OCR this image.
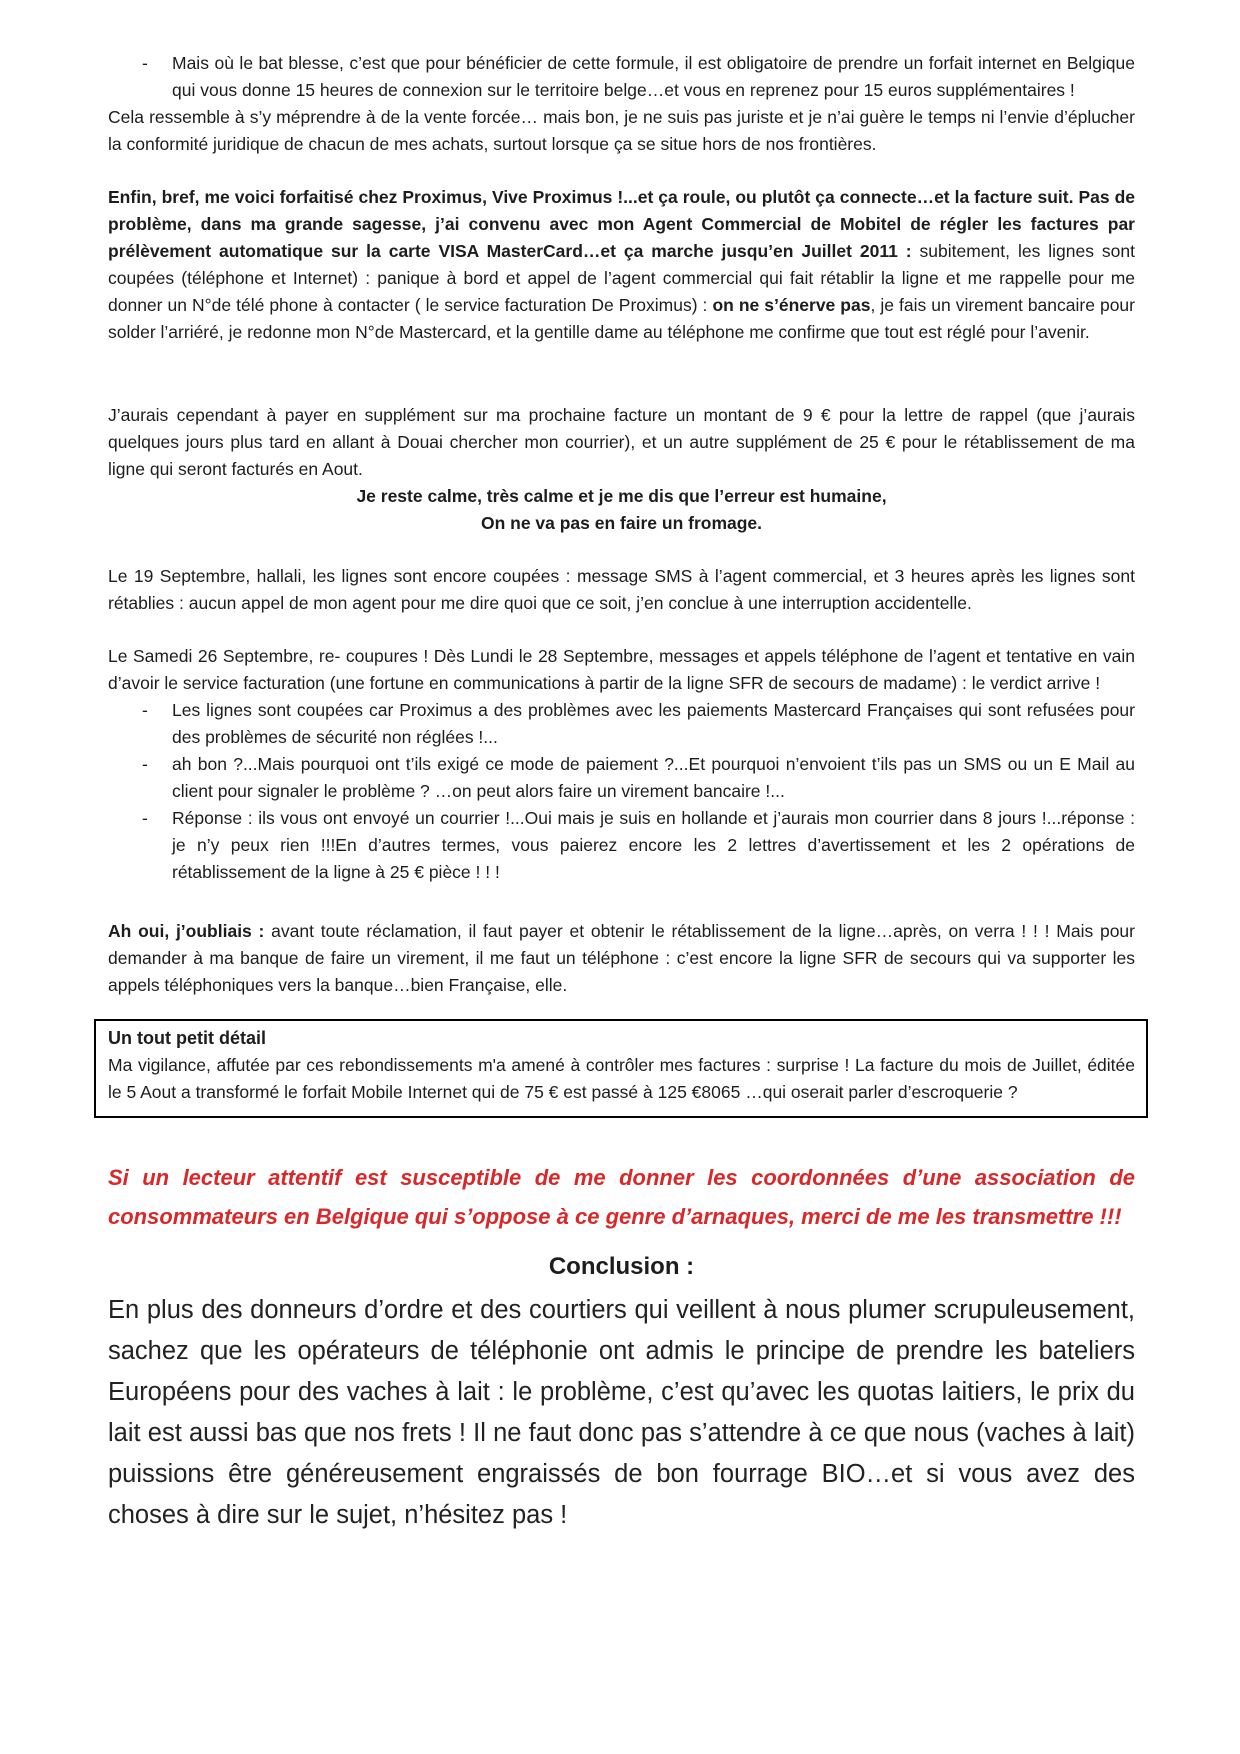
- Mais où le bat blesse, c’est que pour bénéficier de cette formule, il est obligatoire de prendre un forfait internet en Belgique qui vous donne 15 heures de connexion sur le territoire belge…et vous en reprenez pour 15 euros supplémentaires !

Cela ressemble à s’y méprendre à de la vente forcée… mais bon, je ne suis pas juriste et je n’ai guère le temps ni l’envie d’éplucher la conformité juridique de chacun de mes achats, surtout lorsque ça se situe hors de nos frontières.

Enfin, bref, me voici forfaitisé chez Proximus, Vive Proximus !...et ça roule, ou plutôt ça connecte…et la facture suit. Pas de problème, dans ma grande sagesse, j’ai convenu avec mon Agent Commercial de Mobitel de régler les factures par prélèvement automatique sur la carte VISA MasterCard…et ça marche jusqu’en Juillet 2011 : subitement, les lignes sont coupées (téléphone et Internet) : panique à bord et appel de l’agent commercial qui fait rétablir la ligne et me rappelle pour me donner un N°de télé phone à contacter ( le service facturation De Proximus) : on ne s’énerve pas, je fais un virement bancaire pour solder l’arriéré, je redonne mon N°de Mastercard, et la gentille dame au téléphone me confirme que tout est réglé pour l’avenir.

J’aurais cependant à payer en supplément sur ma prochaine facture un montant de 9 € pour la lettre de rappel (que j’aurais quelques jours plus tard en allant à Douai chercher mon courrier), et un autre supplément de 25 € pour le rétablissement de ma ligne qui seront facturés en Aout.

Je reste calme, très calme et je me dis que l’erreur est humaine,

On ne va pas en faire un fromage.

Le 19 Septembre, hallali, les lignes sont encore coupées : message SMS à l’agent commercial, et 3 heures après les lignes sont rétablies : aucun appel de mon agent pour me dire quoi que ce soit, j’en conclue à une interruption accidentelle.

Le Samedi 26 Septembre, re- coupures ! Dès Lundi le 28 Septembre, messages et appels téléphone de l’agent et tentative en vain d’avoir le service facturation (une fortune en communications à partir de la ligne SFR de secours de madame) : le verdict arrive !

- Les lignes sont coupées car Proximus a des problèmes avec les paiements Mastercard Françaises qui sont refusées pour des problèmes de sécurité non réglées !...
- ah bon ?...Mais pourquoi ont t’ils exigé ce mode de paiement ?...Et pourquoi n’envoient t’ils pas un SMS ou un E Mail au client pour signaler le problème ? …on peut alors faire un virement bancaire !...
- Réponse : ils vous ont envoyé un courrier !...Oui mais je suis en hollande et j’aurais mon courrier dans 8 jours !...réponse : je n’y peux rien !!!En d’autres termes, vous paierez encore les 2 lettres d’avertissement et les 2 opérations de rétablissement de la ligne à 25 € pièce ! ! !

Ah oui, j’oubliais : avant toute réclamation, il faut payer et obtenir le rétablissement de la ligne…après, on verra ! ! ! Mais pour demander à ma banque de faire un virement, il me faut un téléphone : c’est encore la ligne SFR de secours qui va supporter les appels téléphoniques vers la banque…bien Française, elle.

Un tout petit détail

Ma vigilance, affutée par ces rebondissements m'a amené à contrôler mes factures : surprise ! La facture du mois de Juillet, éditée le 5 Aout a transformé le forfait Mobile Internet qui de 75 € est passé à 125 €8065 …qui oserait parler d’escroquerie ?

Si un lecteur attentif est susceptible de me donner les coordonnées d’une association de consommateurs en Belgique qui s’oppose à ce genre d’arnaques, merci de me les transmettre !!!

Conclusion :

En plus des donneurs d’ordre et des courtiers qui veillent à nous plumer scrupuleusement, sachez que les opérateurs de téléphonie ont admis le principe de prendre les bateliers Européens pour des vaches à lait : le problème, c’est qu’avec les quotas laitiers, le prix du lait est aussi bas que nos frets ! Il ne faut donc pas s’attendre à ce que nous (vaches à lait) puissions être généreusement engraissés de bon fourrage BIO…et si vous avez des choses à dire sur le sujet, n’hésitez pas !
